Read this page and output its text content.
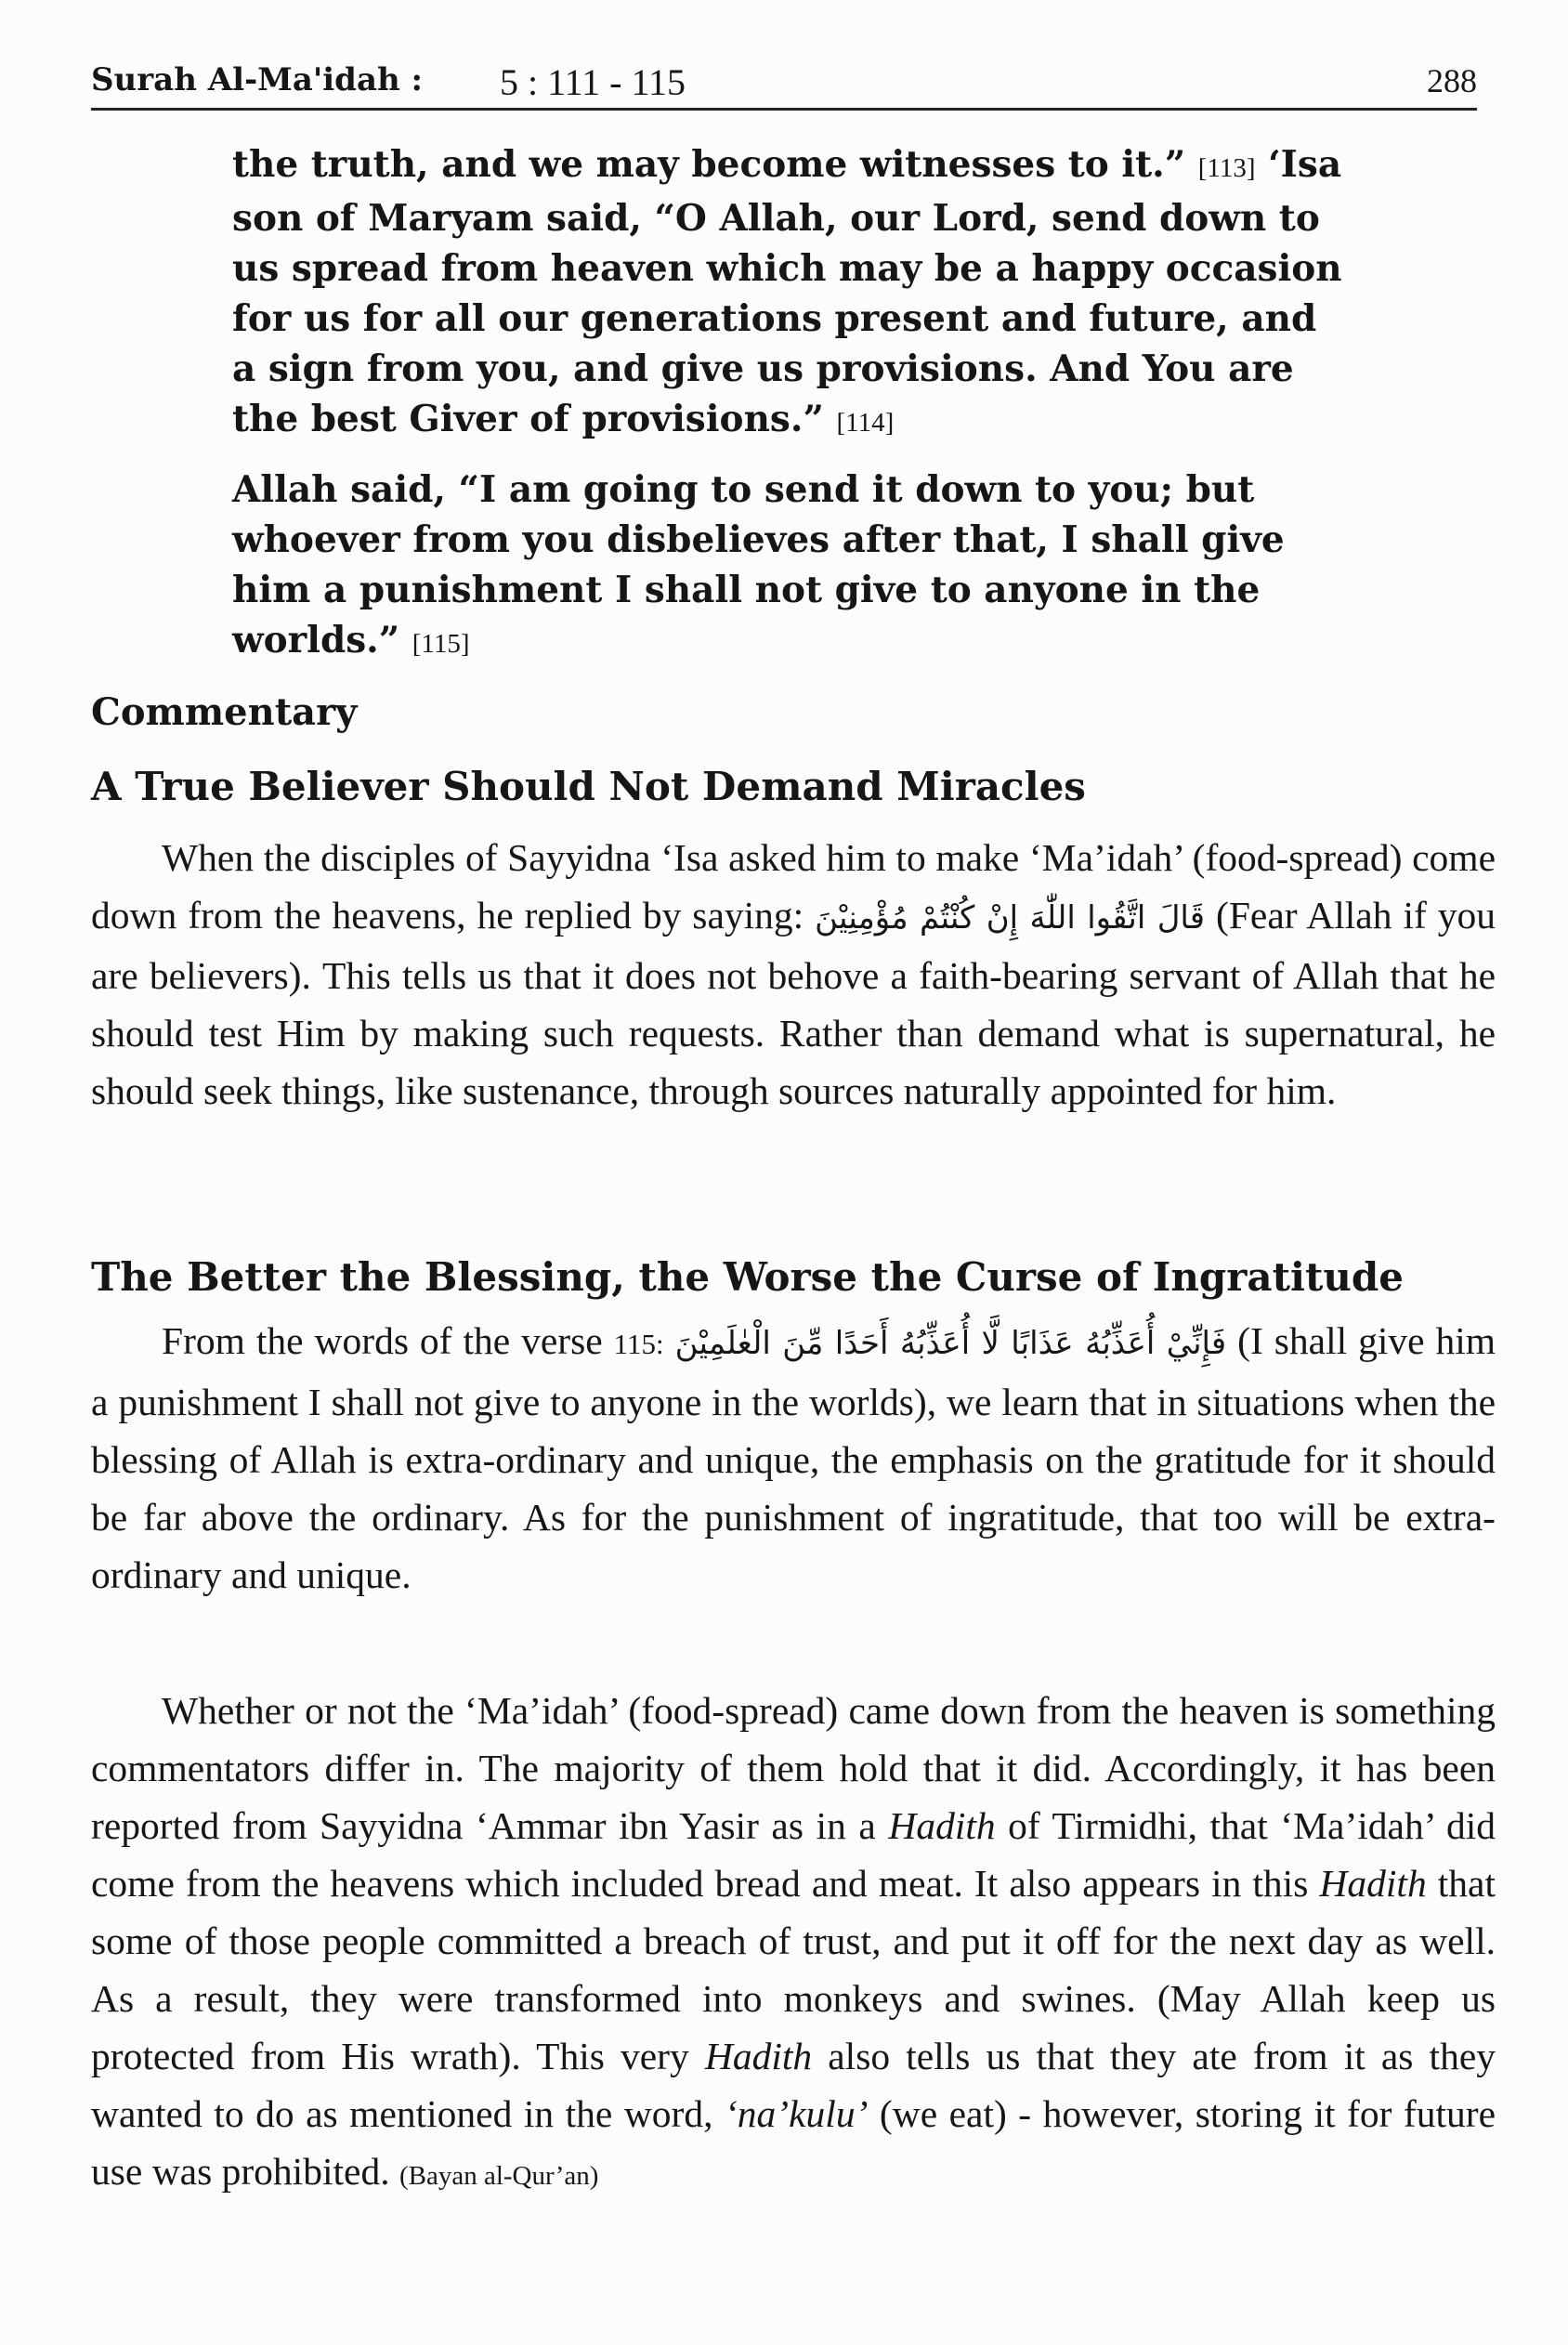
Surah Al-Ma'idah : 5 : 111 - 115	288
the truth, and we may become witnesses to it.” [113] ‘Isa son of Maryam said, “O Allah, our Lord, send down to us spread from heaven which may be a happy occasion for us for all our generations present and future, and a sign from you, and give us provisions. And You are the best Giver of provisions.” [114]
Allah said, “I am going to send it down to you; but whoever from you disbelieves after that, I shall give him a punishment I shall not give to anyone in the worlds.” [115]
Commentary
A True Believer Should Not Demand Miracles
When the disciples of Sayyidna ‘Isa asked him to make ‘Ma’idah’ (food-spread) come down from the heavens, he replied by saying: قَالَ اتَّقُوا اللّٰهَ إِنْ كُنْتُمْ مُؤْمِنِيْنَ (Fear Allah if you are believers). This tells us that it does not behove a faith-bearing servant of Allah that he should test Him by making such requests. Rather than demand what is supernatural, he should seek things, like sustenance, through sources naturally appointed for him.
The Better the Blessing, the Worse the Curse of Ingratitude
From the words of the verse 115: فَإِنِّيْ أُعَذِّبُهُ عَذَابًا لَّا أُعَذِّبُهُ أَحَدًا مِّنَ الْعٰلَمِيْنَ (I shall give him a punishment I shall not give to anyone in the worlds), we learn that in situations when the blessing of Allah is extra-ordinary and unique, the emphasis on the gratitude for it should be far above the ordinary. As for the punishment of ingratitude, that too will be extra-ordinary and unique.
Whether or not the ‘Ma’idah’ (food-spread) came down from the heaven is something commentators differ in. The majority of them hold that it did. Accordingly, it has been reported from Sayyidna ‘Ammar ibn Yasir as in a Hadith of Tirmidhi, that ‘Ma’idah’ did come from the heavens which included bread and meat. It also appears in this Hadith that some of those people committed a breach of trust, and put it off for the next day as well. As a result, they were transformed into monkeys and swines. (May Allah keep us protected from His wrath). This very Hadith also tells us that they ate from it as they wanted to do as mentioned in the word, ‘na’kulu’ (we eat) - however, storing it for future use was prohibited. (Bayan al-Qur’an)
